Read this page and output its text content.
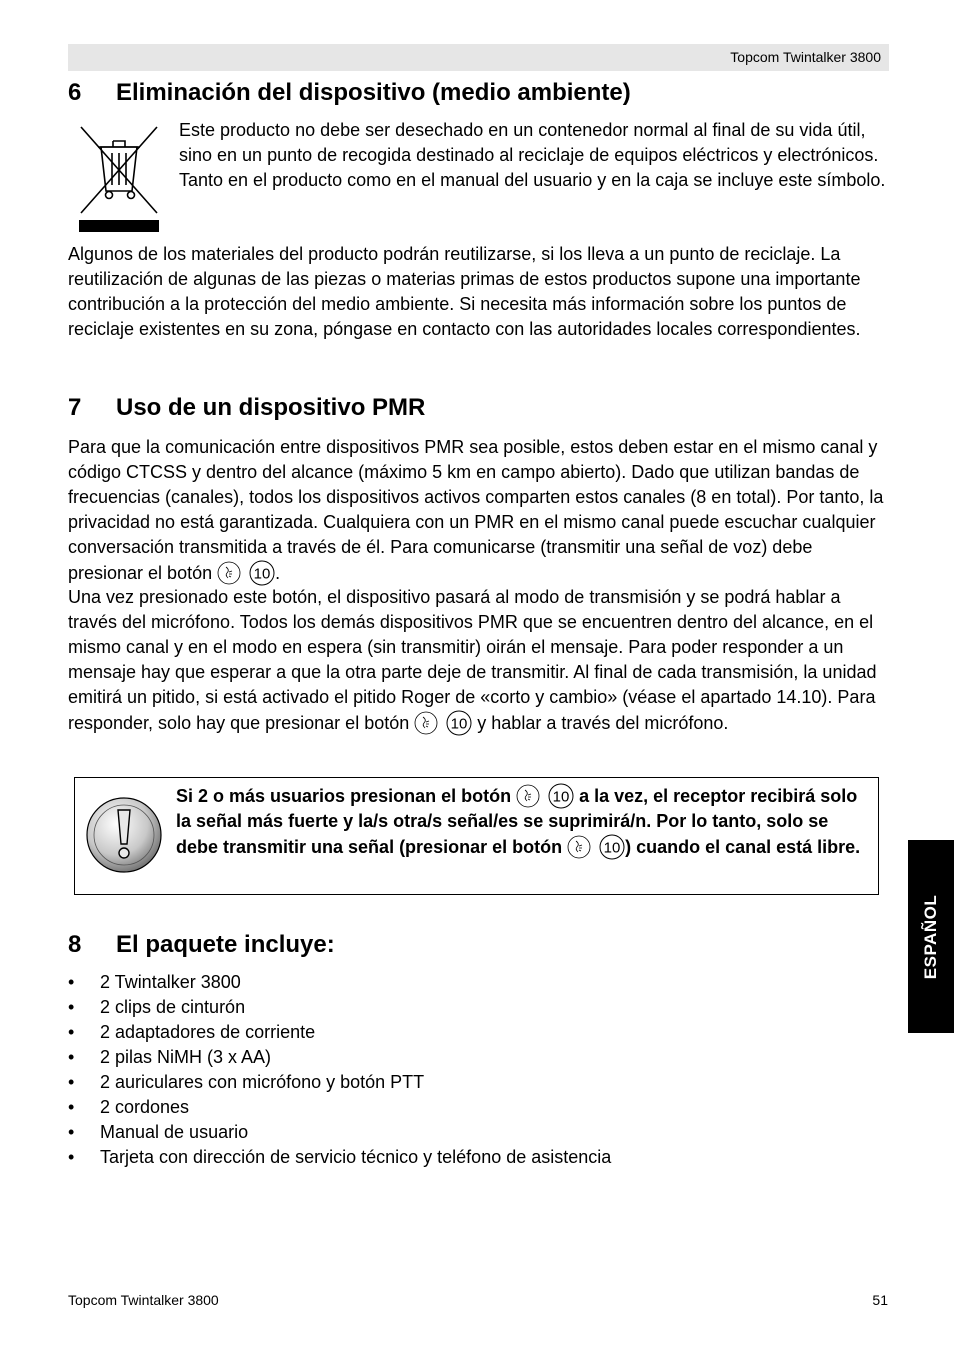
Topcom Twintalker 3800
6 Eliminación del dispositivo (medio ambiente)

Este producto no debe ser desechado en un contenedor normal al final de su vida útil, sino en un punto de recogida destinado al reciclaje de equipos eléctricos y electrónicos. Tanto en el producto como en el manual del usuario y en la caja se incluye este símbolo.

Algunos de los materiales del producto podrán reutilizarse, si los lleva a un punto de reciclaje. La reutilización de algunas de las piezas o materias primas de estos productos supone una importante contribución a la protección del medio ambiente. Si necesita más información sobre los puntos de reciclaje existentes en su zona, póngase en contacto con las autoridades locales correspondientes.

7 Uso de un dispositivo PMR

Para que la comunicación entre dispositivos PMR sea posible, estos deben estar en el mismo canal y código CTCSS y dentro del alcance (máximo 5 km en campo abierto). Dado que utilizan bandas de frecuencias (canales), todos los dispositivos activos comparten estos canales (8 en total). Por tanto, la privacidad no está garantizada. Cualquiera con un PMR en el mismo canal puede escuchar cualquier conversación transmitida a través de él. Para comunicarse (transmitir una señal de voz) debe presionar el botón	10 .

Una vez presionado este botón, el dispositivo pasará al modo de transmisión y se podrá hablar a través del micrófono. Todos los demás dispositivos PMR que se encuentren dentro del alcance, en el mismo canal y en el modo en espera (sin transmitir) oirán el mensaje. Para poder responder a un mensaje hay que esperar a que la otra parte deje de transmitir. Al final de cada transmisión, la unidad emitirá un pitido, si está activado el pitido Roger de «corto y cambio» (véase el apartado 14.10). Para responder, solo hay que presionar el botón	10 y hablar a través del micrófono.

Si 2 o más usuarios presionan el botón	10 a la vez, el receptor recibirá solo la señal más fuerte y la/s otra/s señal/es se suprimirá/n. Por lo tanto, solo se debe transmitir una señal (presionar el botón	10 ) cuando el canal está libre.

8 El paquete incluye:
• 2 Twintalker 3800
• 2 clips de cinturón
• 2 adaptadores de corriente
• 2 pilas NiMH (3 x AA)
• 2 auriculares con micrófono y botón PTT
• 2 cordones
• Manual de usuario
• Tarjeta con dirección de servicio técnico y teléfono de asistencia
ESPAÑOL
Topcom Twintalker 3800	51
